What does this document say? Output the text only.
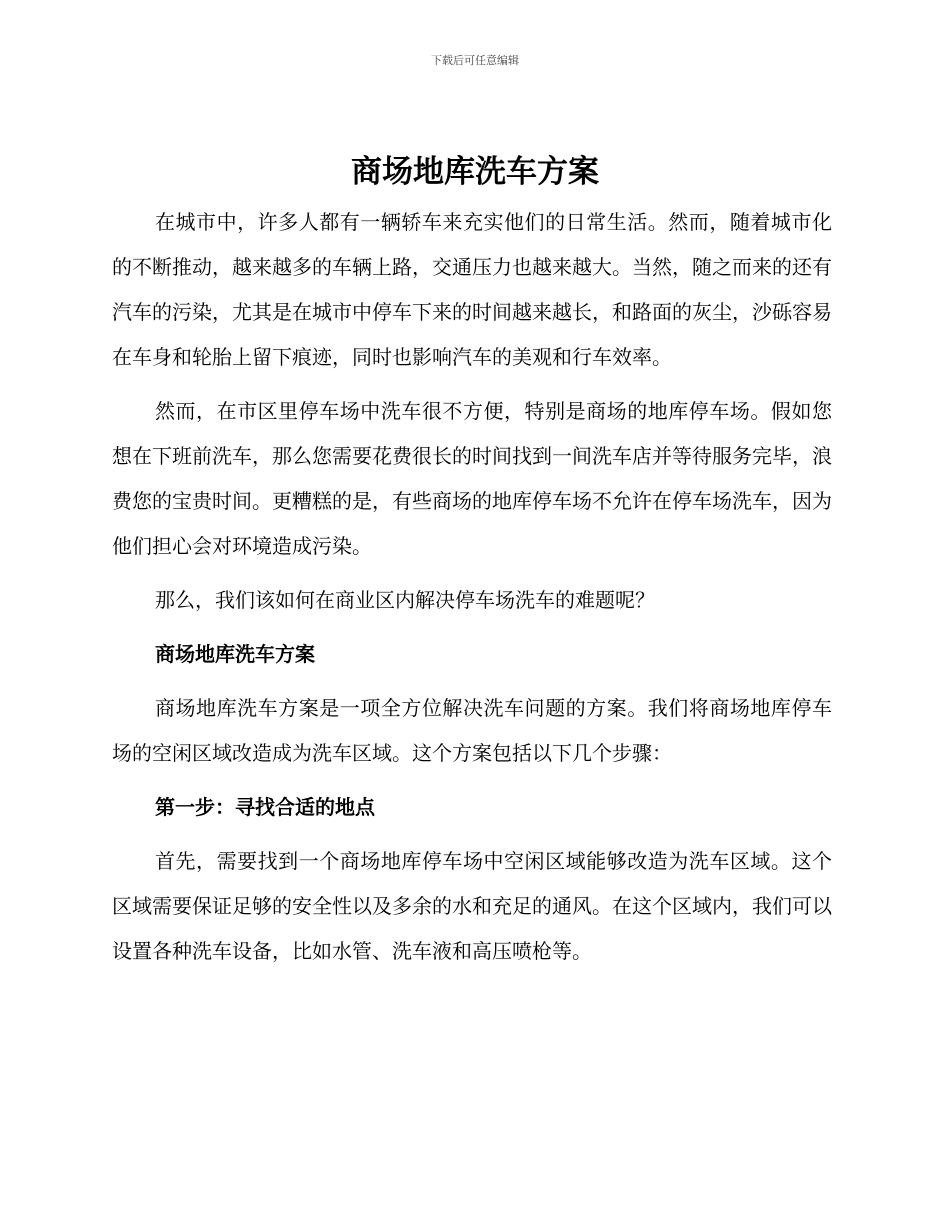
下载后可任意编辑
商场地库洗车方案

在城市中，许多人都有一辆轿车来充实他们的日常生活。然而，随着城市化的不断推动，越来越多的车辆上路，交通压力也越来越大。当然，随之而来的还有汽车的污染，尤其是在城市中停车下来的时间越来越长，和路面的灰尘，沙砾容易在车身和轮胎上留下痕迹，同时也影响汽车的美观和行车效率。

然而，在市区里停车场中洗车很不方便，特别是商场的地库停车场。假如您想在下班前洗车，那么您需要花费很长的时间找到一间洗车店并等待服务完毕，浪费您的宝贵时间。更糟糕的是，有些商场的地库停车场不允许在停车场洗车，因为他们担心会对环境造成污染。

那么，我们该如何在商业区内解决停车场洗车的难题呢？

商场地库洗车方案

商场地库洗车方案是一项全方位解决洗车问题的方案。我们将商场地库停车场的空闲区域改造成为洗车区域。这个方案包括以下几个步骤：

第一步：寻找合适的地点

首先，需要找到一个商场地库停车场中空闲区域能够改造为洗车区域。这个区域需要保证足够的安全性以及多余的水和充足的通风。在这个区域内，我们可以设置各种洗车设备，比如水管、洗车液和高压喷枪等。
